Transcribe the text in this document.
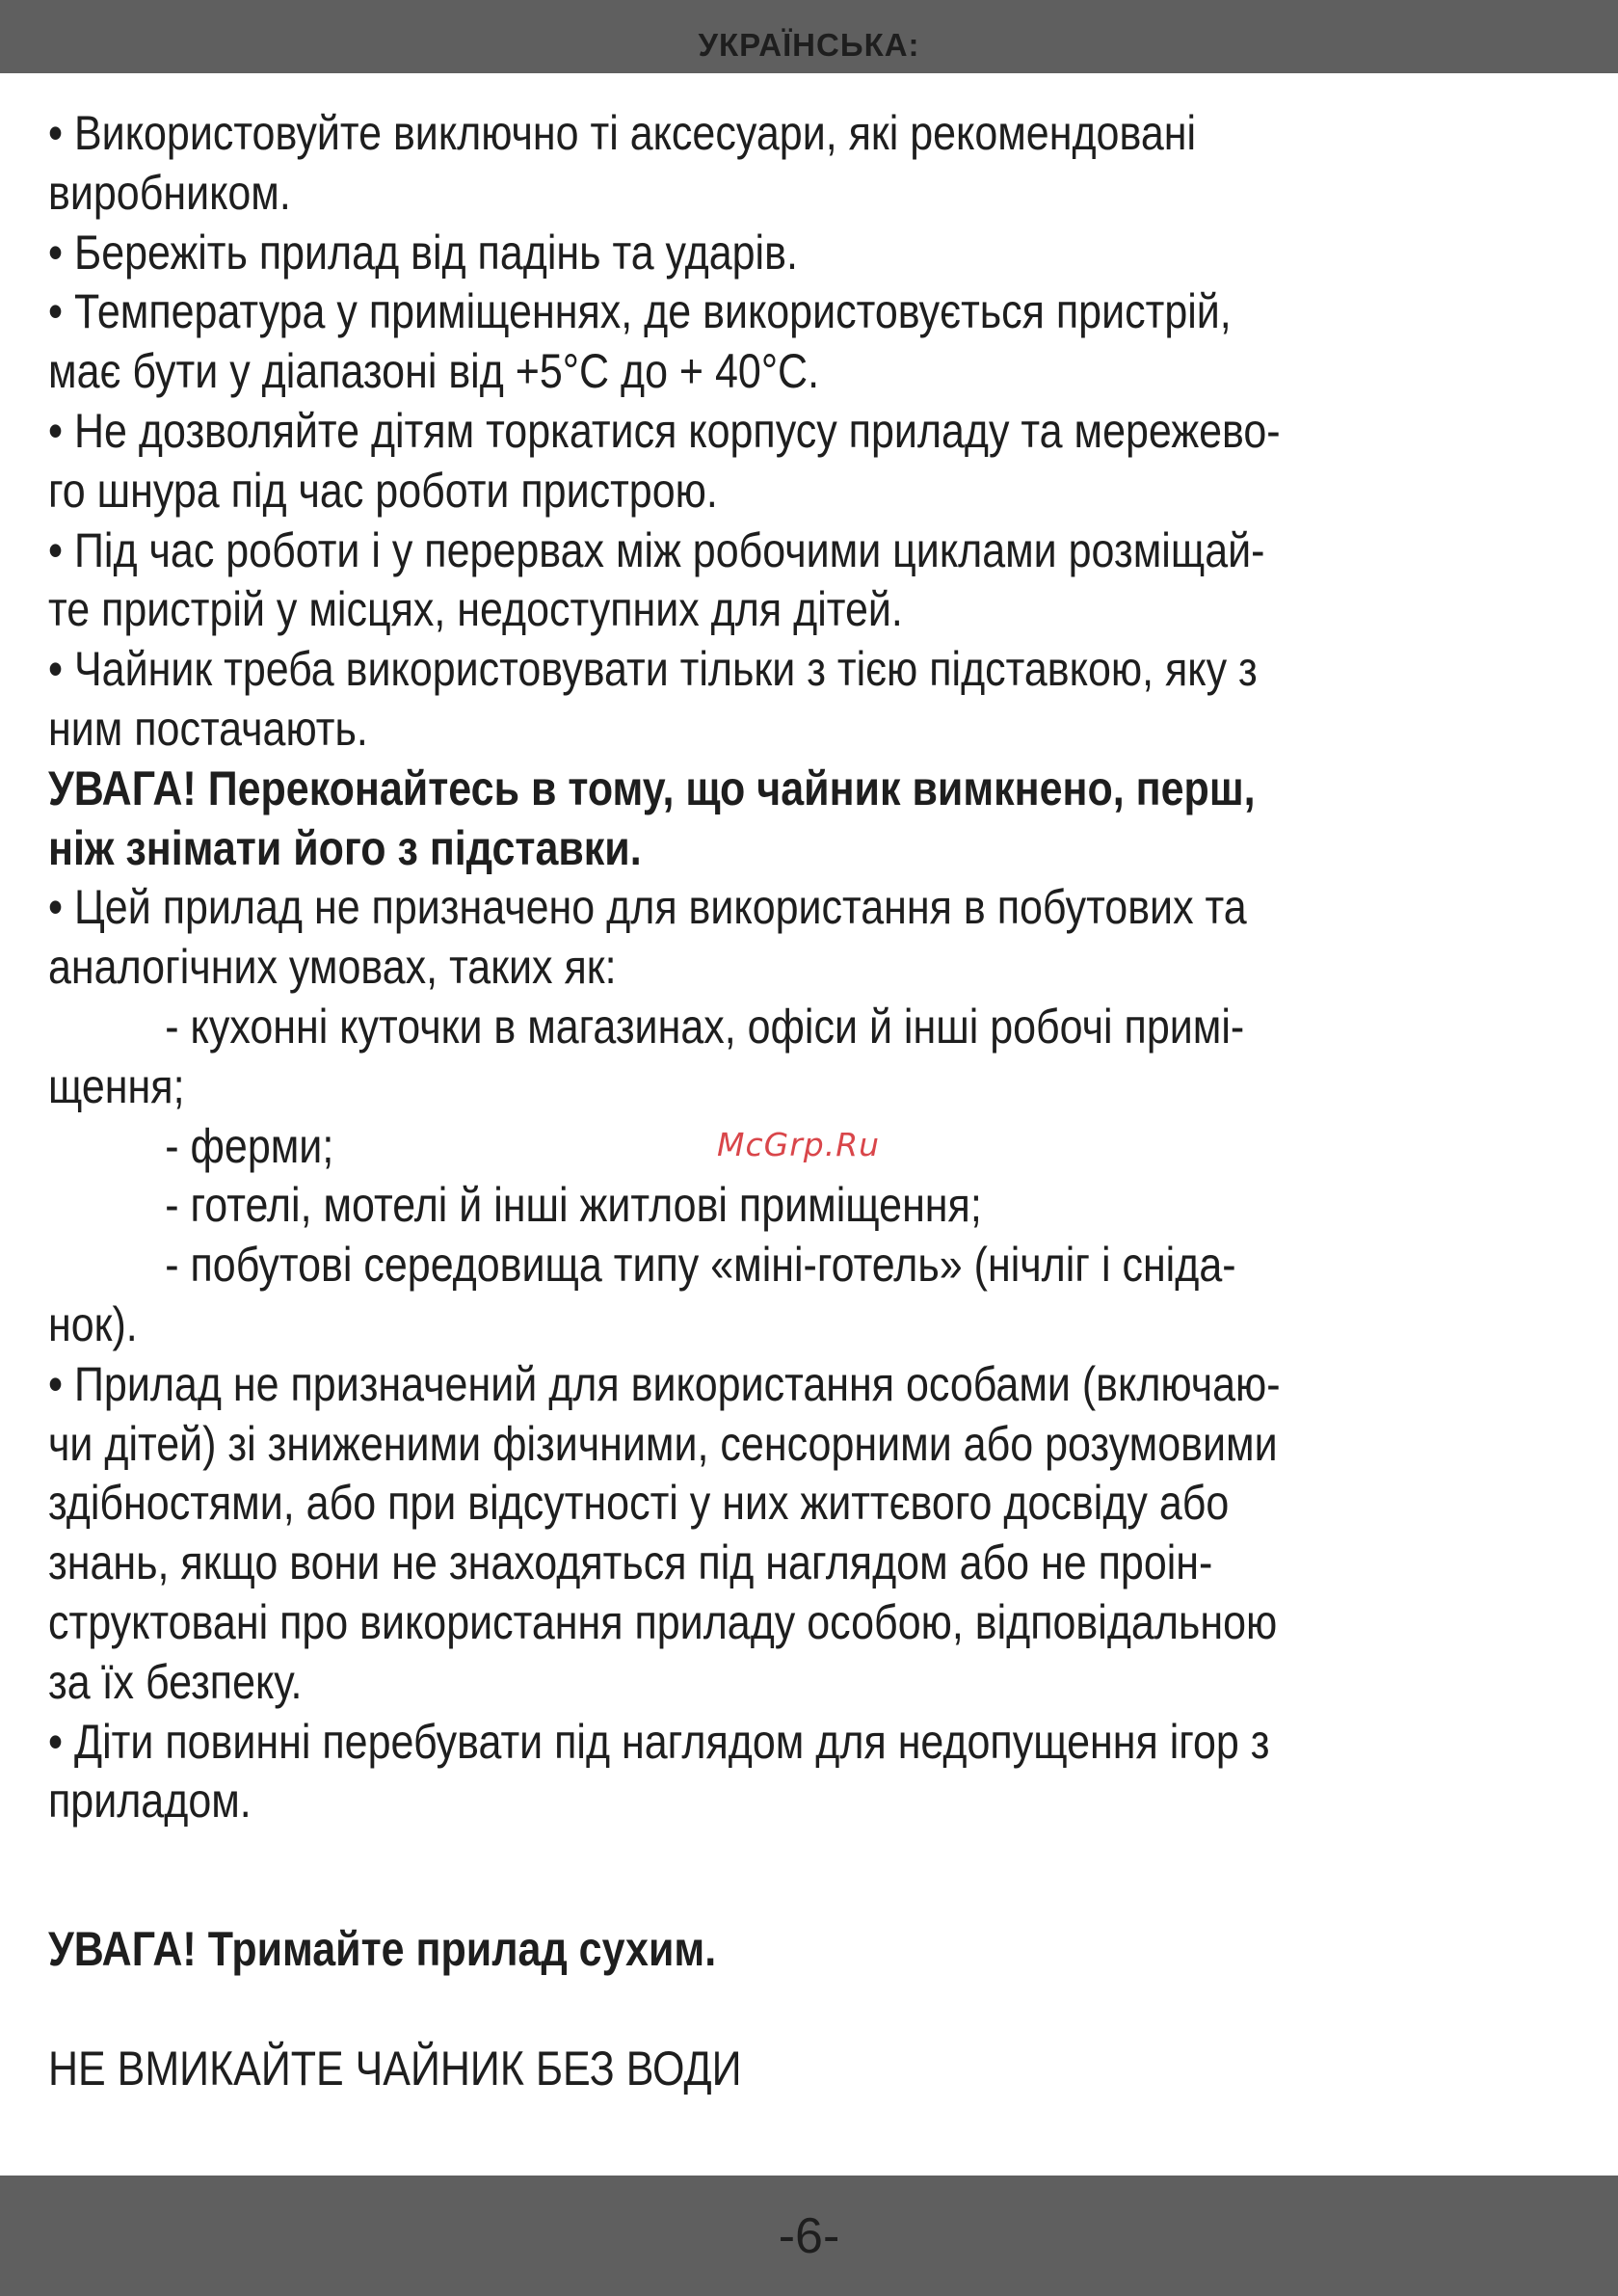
УКРАЇНСЬКА:
• Використовуйте виключно ті аксесуари, які рекомендовані
виробником.
• Бережіть прилад від падінь та ударів.
• Температура у приміщеннях, де використовується пристрій,
має бути у діапазоні від +5°С до + 40°С.
• Не дозволяйте дітям торкатися корпусу приладу та мережево-
го шнура під час роботи пристрою.
• Під час роботи і у перервах між робочими циклами розміщай-
те пристрій у місцях, недоступних для дітей.
• Чайник треба використовувати тільки з тією підставкою, яку з
ним постачають.
УВАГА! Переконайтесь в тому, що чайник вимкнено, перш,
ніж знімати його з підставки.
• Цей прилад не призначено для використання в побутових та
аналогічних умовах, таких як:
- кухонні куточки в магазинах, офіси й інші робочі примі-
щення;
- ферми;
- готелі, мотелі й інші житлові приміщення;
- побутові середовища типу «міні-готель» (нічліг і сніда-
нок).
• Прилад не призначений для використання особами (включаю-
чи дітей) зі зниженими фізичними, сенсорними або розумовими
здібностями, або при відсутності у них життєвого досвіду або
знань, якщо вони не знаходяться під наглядом або не проін-
структовані про використання приладу особою, відповідальною
за їх безпеку.
• Діти повинні перебувати під наглядом для недопущення ігор з
приладом.
УВАГА! Тримайте прилад сухим.
НЕ ВМИКАЙТЕ ЧАЙНИК БЕЗ ВОДИ
McGrp.Ru
-6-
